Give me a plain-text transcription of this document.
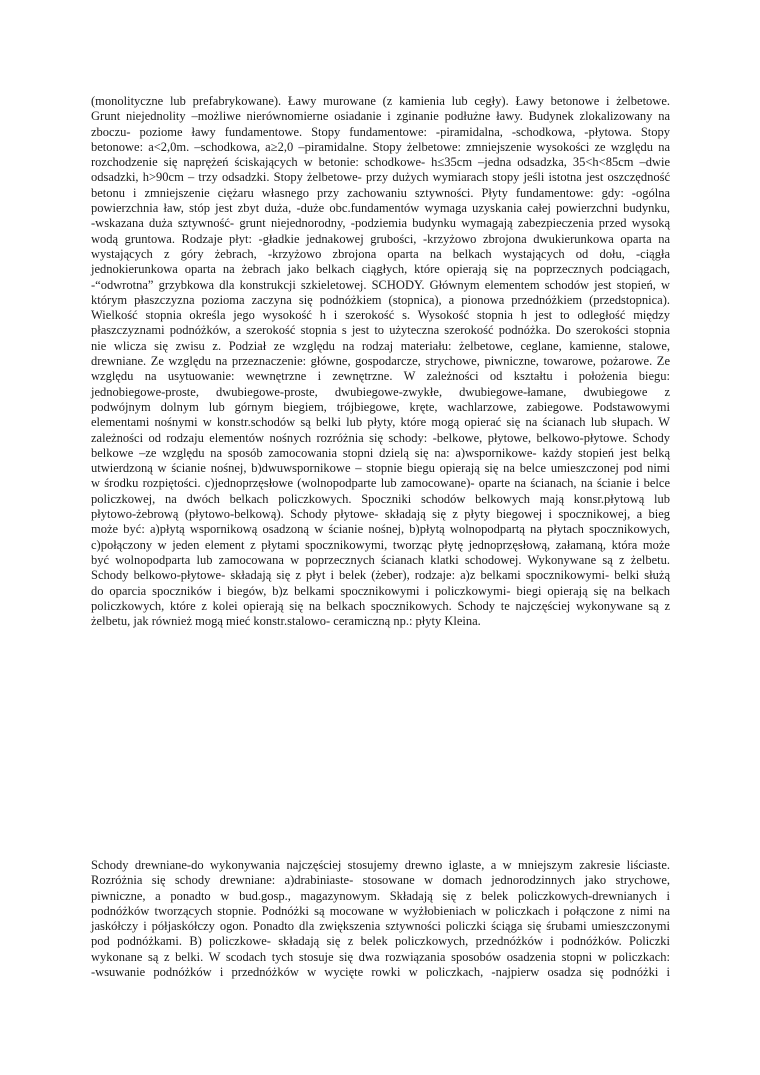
(monolityczne lub prefabrykowane). Ławy murowane (z kamienia lub cegły). Ławy betonowe i żelbetowe.
Grunt niejednolity –możliwe nierównomierne osiadanie i zginanie podłużne ławy. Budynek zlokalizowany na
zboczu- poziome ławy fundamentowe. Stopy fundamentowe: -piramidalna, -schodkowa, -płytowa. Stopy
betonowe: a<2,0m. –schodkowa, a≥2,0 –piramidalne. Stopy żelbetowe: zmniejszenie wysokości ze względu na
rozchodzenie się naprężeń ściskających w betonie: schodkowe- h≤35cm –jedna odsadzka, 35<h<85cm –dwie
odsadzki, h>90cm – trzy odsadzki. Stopy żelbetowe- przy dużych wymiarach stopy jeśli istotna jest oszczędność
betonu i zmniejszenie ciężaru własnego przy zachowaniu sztywności. Płyty fundamentowe: gdy: -ogólna
powierzchnia ław, stóp jest zbyt duża, -duże obc.fundamentów wymaga uzyskania całej powierzchni budynku,
-wskazana duża sztywność- grunt niejednorodny, -podziemia budynku wymagają zabezpieczenia przed wysoką
wodą gruntowa. Rodzaje płyt: -gładkie jednakowej grubości, -krzyżowo zbrojona dwukierunkowa oparta na
wystających z góry żebrach, -krzyżowo zbrojona oparta na belkach wystających od dołu, -ciągła
jednokierunkowa oparta na żebrach jako belkach ciągłych, które opierają się na poprzecznych podciągach,
-“odwrotna” grzybkowa dla konstrukcji szkieletowej. SCHODY. Głównym elementem schodów jest stopień, w
którym płaszczyzna pozioma zaczyna się podnóżkiem (stopnica), a pionowa przednóżkiem (przedstopnica).
Wielkość stopnia określa jego wysokość h i szerokość s. Wysokość stopnia h jest to odległość między
płaszczyznami podnóżków, a szerokość stopnia s jest to użyteczna szerokość podnóżka. Do szerokości stopnia
nie wlicza się zwisu z. Podział ze względu na rodzaj materiału: żelbetowe, ceglane, kamienne, stalowe,
drewniane. Ze względu na przeznaczenie: główne, gospodarcze, strychowe, piwniczne, towarowe, pożarowe. Ze
względu na usytuowanie: wewnętrzne i zewnętrzne. W zależności od kształtu i położenia biegu:
jednobiegowe-proste, dwubiegowe-proste, dwubiegowe-zwykłe, dwubiegowe-łamane, dwubiegowe z
podwójnym dolnym lub górnym biegiem, trójbiegowe, kręte, wachlarzowe, zabiegowe. Podstawowymi
elementami nośnymi w konstr.schodów są belki lub płyty, które mogą opierać się na ścianach lub słupach. W
zależności od rodzaju elementów nośnych rozróżnia się schody: -belkowe, płytowe, belkowo-płytowe. Schody
belkowe –ze względu na sposób zamocowania stopni dzielą się na: a)wspornikowe- każdy stopień jest belką
utwierdzoną w ścianie nośnej, b)dwuwspornikowe – stopnie biegu opierają się na belce umieszczonej pod nimi
w środku rozpiętości. c)jednoprzęsłowe (wolnopodparte lub zamocowane)- oparte na ścianach, na ścianie i belce
policzkowej, na dwóch belkach policzkowych. Spoczniki schodów belkowych mają konsr.płytową lub
płytowo-żebrową (płytowo-belkową). Schody płytowe- składają się z płyty biegowej i spocznikowej, a bieg
może być: a)płytą wspornikową osadzoną w ścianie nośnej, b)płytą wolnopodpartą na płytach spocznikowych,
c)połączony w jeden element z płytami spocznikowymi, tworząc płytę jednoprzęsłową, załamaną, która może
być wolnopodparta lub zamocowana w poprzecznych ścianach klatki schodowej. Wykonywane są z żelbetu.
Schody belkowo-płytowe- składają się z płyt i belek (żeber), rodzaje: a)z belkami spocznikowymi- belki służą
do oparcia spoczników i biegów, b)z belkami spocznikowymi i policzkowymi- biegi opierają się na belkach
policzkowych, które z kolei opierają się na belkach spocznikowych. Schody te najczęściej wykonywane są z
żelbetu, jak również mogą mieć konstr.stalowo- ceramiczną np.: płyty Kleina.
Schody drewniane-do wykonywania najczęściej stosujemy drewno iglaste, a w mniejszym zakresie liściaste.
Rozróżnia się schody drewniane: a)drabiniaste- stosowane w domach jednorodzinnych jako strychowe,
piwniczne, a ponadto w bud.gosp., magazynowym. Składają się z belek policzkowych-drewnianych i
podnóżków tworzących stopnie. Podnóżki są mocowane w wyżłobieniach w policzkach i połączone z nimi na
jaskółczy i półjaskółczy ogon. Ponadto dla zwiększenia sztywności policzki ściąga się śrubami umieszczonymi
pod podnóżkami. B) policzkowe- składają się z belek policzkowych, przednóżków i podnóżków. Policzki
wykonane są z belki. W scodach tych stosuje się dwa rozwiązania sposobów osadzenia stopni w policzkach:
-wsuwanie podnóżków i przednóżków w wycięte rowki w policzkach, -najpierw osadza się podnóżki i
